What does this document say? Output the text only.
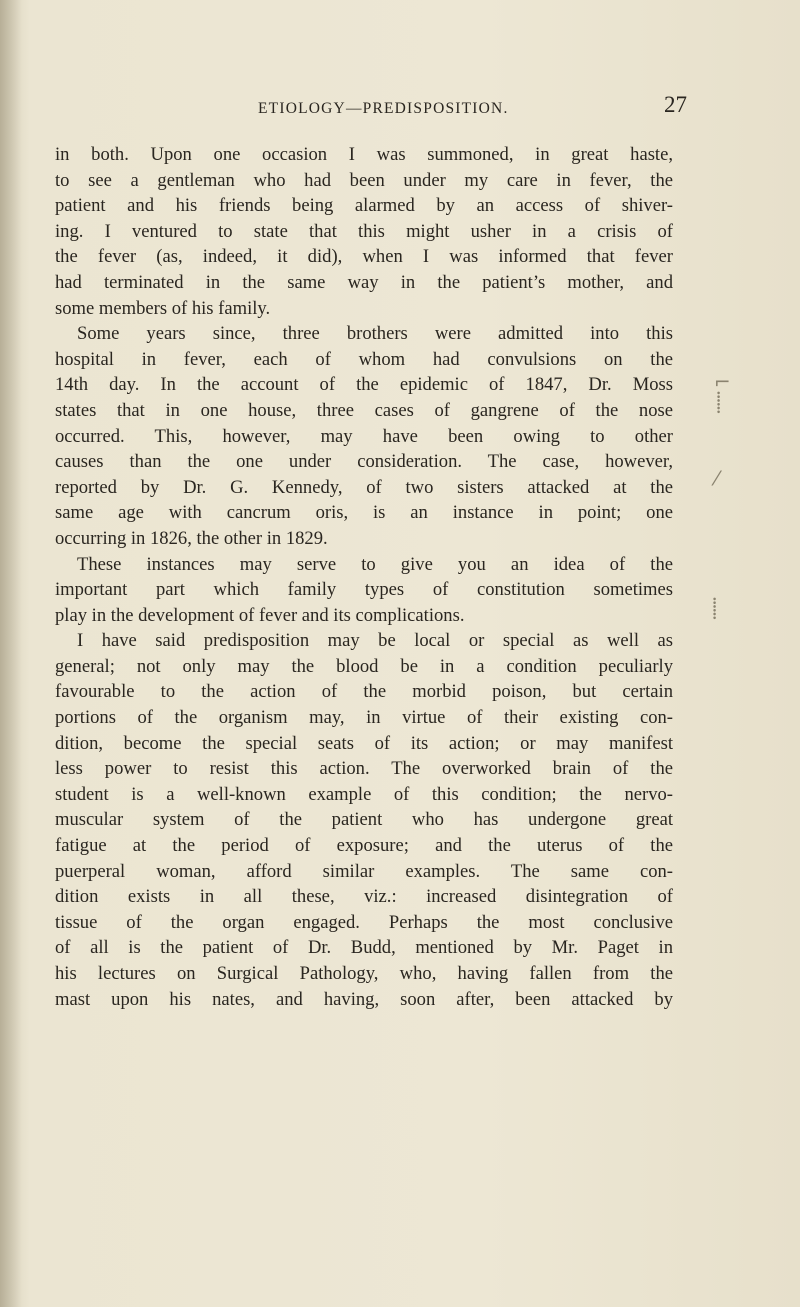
ETIOLOGY—PREDISPOSITION.	27
in both. Upon one occasion I was summoned, in great haste,
to see a gentleman who had been under my care in fever, the
patient and his friends being alarmed by an access of shiver-
ing. I ventured to state that this might usher in a crisis of
the fever (as, indeed, it did), when I was informed that fever
had terminated in the same way in the patient’s mother, and
some members of his family.
Some years since, three brothers were admitted into this
hospital in fever, each of whom had convulsions on the
14th day. In the account of the epidemic of 1847, Dr. Moss
states that in one house, three cases of gangrene of the nose
occurred. This, however, may have been owing to other
causes than the one under consideration. The case, however,
reported by Dr. G. Kennedy, of two sisters attacked at the
same age with cancrum oris, is an instance in point; one
occurring in 1826, the other in 1829.
These instances may serve to give you an idea of the
important part which family types of constitution sometimes
play in the development of fever and its complications.
I have said predisposition may be local or special as well as
general; not only may the blood be in a condition peculiarly
favourable to the action of the morbid poison, but certain
portions of the organism may, in virtue of their existing con-
dition, become the special seats of its action; or may manifest
less power to resist this action. The overworked brain of the
student is a well-known example of this condition; the nervo-
muscular system of the patient who has undergone great
fatigue at the period of exposure; and the uterus of the
puerperal woman, afford similar examples. The same con-
dition exists in all these, viz.: increased disintegration of
tissue of the organ engaged. Perhaps the most conclusive
of all is the patient of Dr. Budd, mentioned by Mr. Paget in
his lectures on Surgical Pathology, who, having fallen from the
mast upon his nates, and having, soon after, been attacked by
⌐
⸽
⁄
⸽
